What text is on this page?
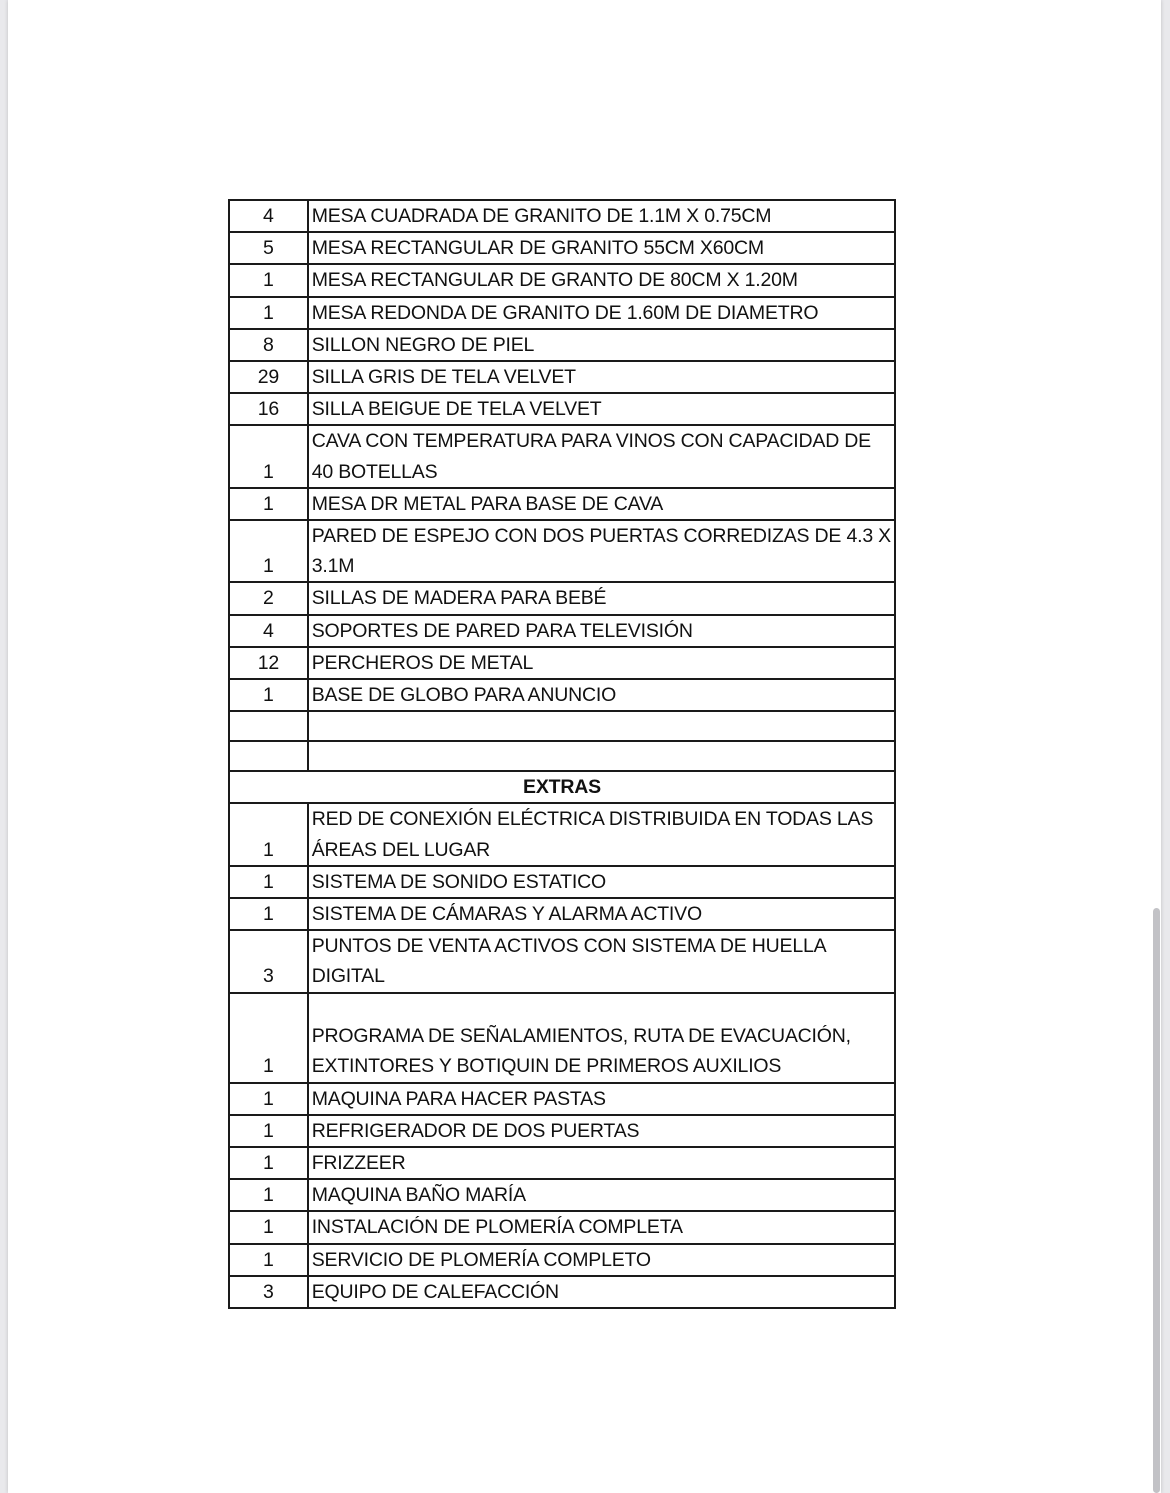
4	MESA CUADRADA DE GRANITO DE 1.1M X 0.75CM
5	MESA RECTANGULAR DE GRANITO 55CM X60CM
1	MESA RECTANGULAR DE GRANTO DE 80CM X 1.20M
1	MESA REDONDA DE GRANITO DE 1.60M DE DIAMETRO
8	SILLON NEGRO DE PIEL
29	SILLA GRIS DE TELA VELVET
16	SILLA BEIGUE DE TELA VELVET
1	CAVA CON TEMPERATURA PARA VINOS CON CAPACIDAD DE
40 BOTELLAS

1	MESA DR METAL PARA BASE DE CAVA
1	PARED DE ESPEJO CON DOS PUERTAS CORREDIZAS DE 4.3 X
3.1M

2	SILLAS DE MADERA PARA BEBÉ
4	SOPORTES DE PARED PARA TELEVISIÓN
12	PERCHEROS DE METAL
1	BASE DE GLOBO PARA ANUNCIO

EXTRAS	
1	RED DE CONEXIÓN ELÉCTRICA DISTRIBUIDA EN TODAS LAS
ÁREAS DEL LUGAR

1	SISTEMA DE SONIDO ESTATICO
1	SISTEMA DE CÁMARAS Y ALARMA ACTIVO
3	PUNTOS DE VENTA ACTIVOS CON SISTEMA DE HUELLA
DIGITAL

1	PROGRAMA DE SEÑALAMIENTOS, RUTA DE EVACUACIÓN,
EXTINTORES Y BOTIQUIN DE PRIMEROS AUXILIOS

1	MAQUINA PARA HACER PASTAS
1	REFRIGERADOR DE DOS PUERTAS
1	FRIZZEER
1	MAQUINA BAÑO MARÍA
1	INSTALACIÓN DE PLOMERÍA COMPLETA
1	SERVICIO DE PLOMERÍA COMPLETO
3	EQUIPO DE CALEFACCIÓN
